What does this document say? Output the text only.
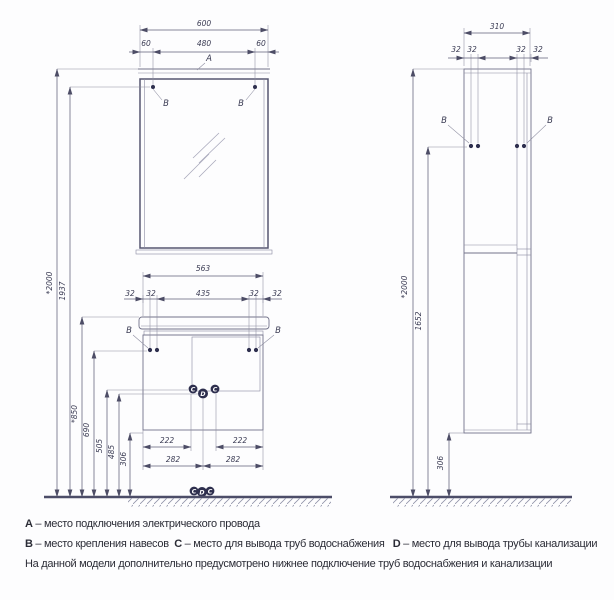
600
60	480	60
A
B	B
563
32 32	435	32 32
B	B
*2000 1937
*850
690
505 485 306
C
D
C
222	222
282	282
C D C
310
32 32	32 32
B	B
*2000
1652
306
A – место подключения электрического провода
B – место крепления навесов  C – место для вывода труб водоснабжения   D – место для вывода трубы канализации
На данной модели дополнительно предусмотрено нижнее подключение труб водоснабжения и канализации
